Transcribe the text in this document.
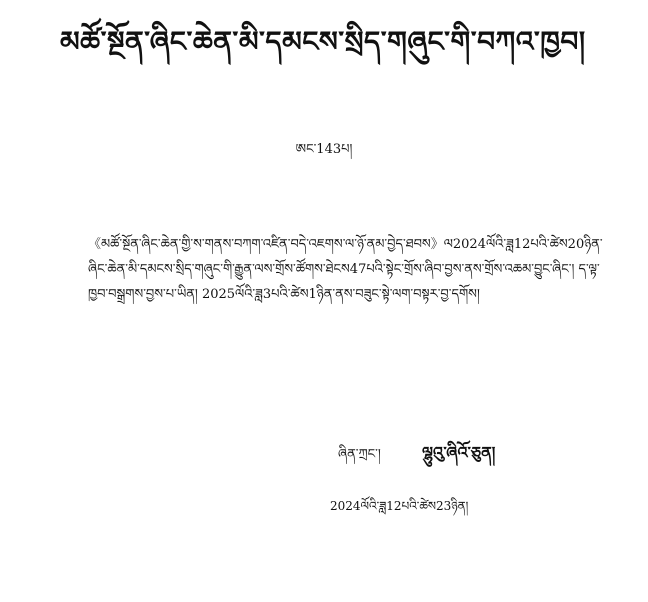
མཚོ་སྔོན་ཞིང་ཆེན་མི་དམངས་སྲིད་གཞུང་གི་བཀའ་ཁྱབ།
ཨང་143པ།

《མཚོ་སྔོན་ཞིང་ཆེན་གྱི་ས་གནས་བཀག་འཛིན་བདེ་འཇགས་ལ་ཉོ་ནམ་བྱེད་ཐབས》ལ2024ལོའི་ཟླ12པའི་ཚེས20ཉིན་ཞིང་ཆེན་མི་དམངས་སྲིད་གཞུང་གི་རྒྱུན་ལས་གྲོས་ཚོགས་ཐེངས47པའི་སྟེང་གྲོས་ཞིབ་བྱས་ནས་གྲོས་འཆམ་བྱུང་ཞིང་། ད་ལྟ་ཁྱབ་བསྒྲགས་བྱས་པ་ཡིན། 2025ལོའི་ཟླ3པའི་ཚེས1ཉིན་ནས་བཟུང་སྟེ་ལག་བསྟར་བྱ་དགོས།

ཞིན་ཀྲང་།	ལྷུའུ་ཞིའོ་ཅུན།
2024ལོའི་ཟླ12པའི་ཚེས23ཉིན།
